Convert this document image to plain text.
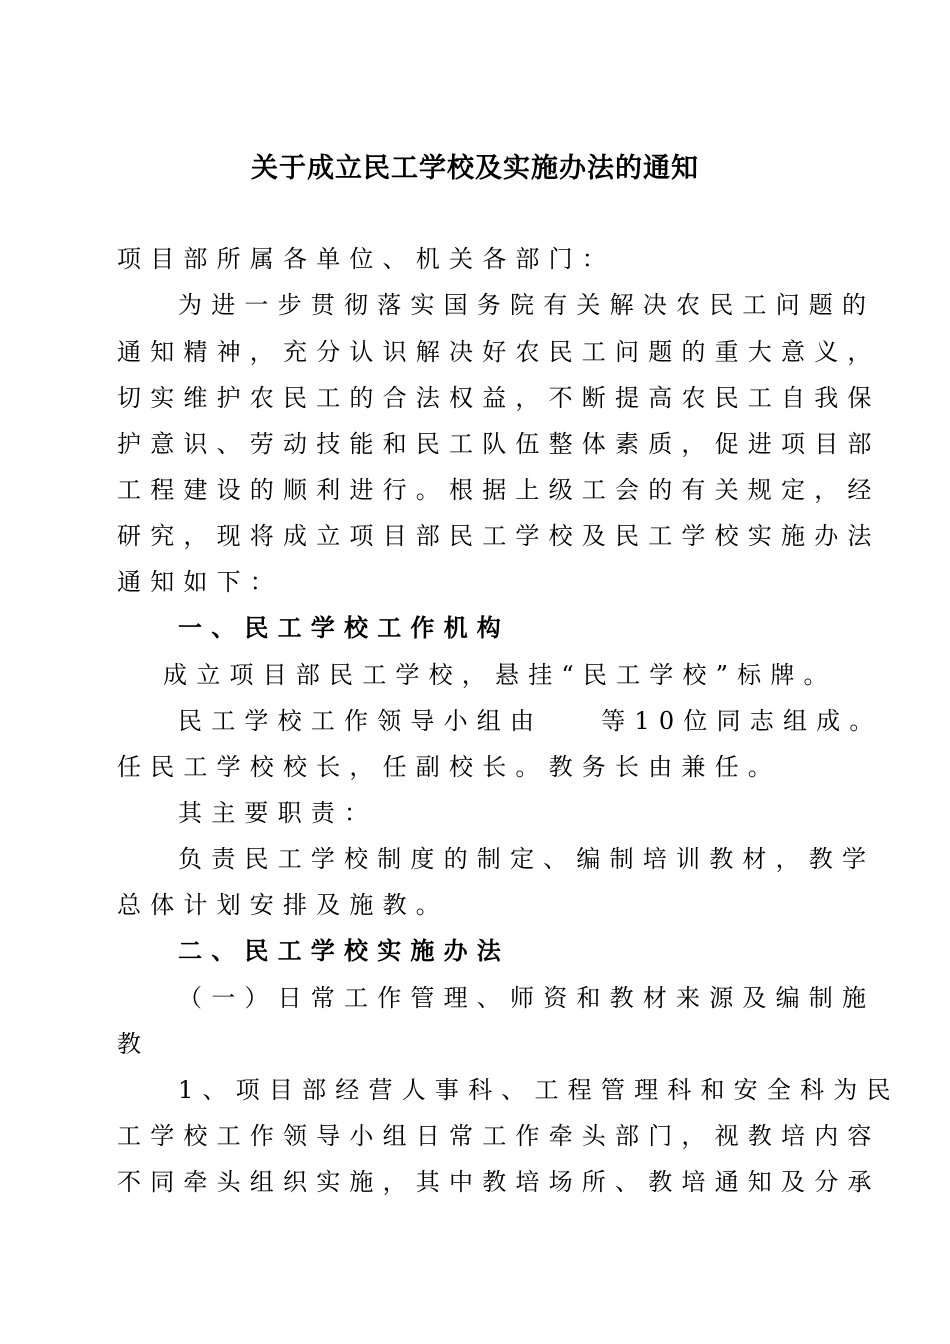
关于成立民工学校及实施办法的通知
项目部所属各单位、机关各部门：
为进一步贯彻落实国务院有关解决农民工问题的
通知精神，充分认识解决好农民工问题的重大意义，
切实维护农民工的合法权益，不断提高农民工自我保
护意识、劳动技能和民工队伍整体素质，促进项目部
工程建设的顺利进行。根据上级工会的有关规定，经
研究，现将成立项目部民工学校及民工学校实施办法
通知如下：
一、民工学校工作机构
成立项目部民工学校，悬挂“民工学校”标牌。
民工学校工作领导小组由 等10位同志组成。
任民工学校校长，任副校长。教务长由兼任。
其主要职责：
负责民工学校制度的制定、编制培训教材，教学
总体计划安排及施教。
二、民工学校实施办法
（一）日常工作管理、师资和教材来源及编制施
教
1、项目部经营人事科、工程管理科和安全科为民
工学校工作领导小组日常工作牵头部门，视教培内容
不同牵头组织实施，其中教培场所、教培通知及分承
